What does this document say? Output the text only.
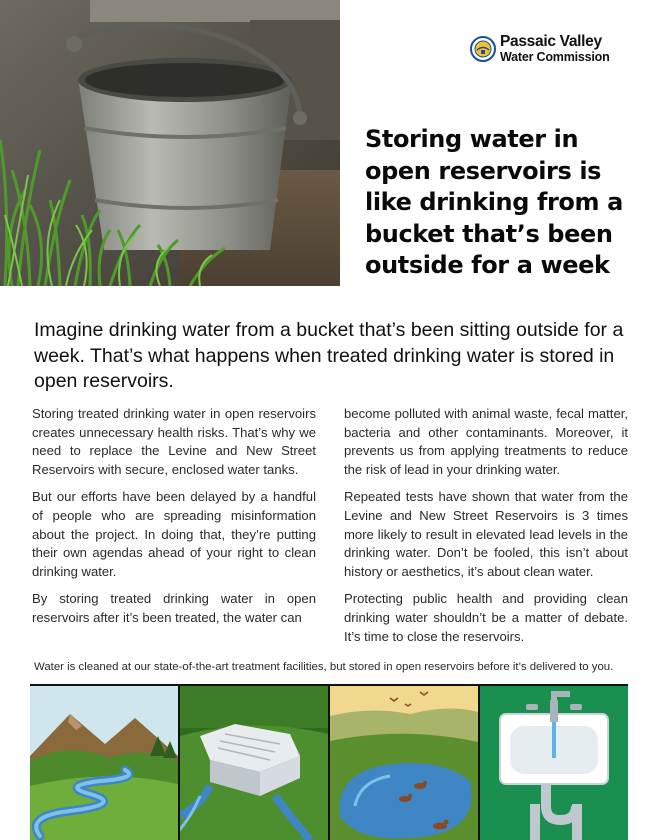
Passaic Valley
Water Commission
Storing water in open reservoirs is like drinking from a bucket that’s been outside for a week

Imagine drinking water from a bucket that’s been sitting outside for a week. That’s what happens when treated drinking water is stored in open reservoirs.

Storing treated drinking water in open reservoirs creates unnecessary health risks. That’s why we need to replace the Levine and New Street Reservoirs with secure, enclosed water tanks.

But our efforts have been delayed by a handful of people who are spreading misinformation about the project. In doing that, they’re putting their own agendas ahead of your right to clean drinking water.

By storing treated drinking water in open reservoirs after it’s been treated, the water can

become polluted with animal waste, fecal matter, bacteria and other contaminants. Moreover, it prevents us from applying treatments to reduce the risk of lead in your drinking water.

Repeated tests have shown that water from the Levine and New Street Reservoirs is 3 times more likely to result in elevated lead levels in the drinking water. Don’t be fooled, this isn’t about history or aesthetics, it’s about clean water.

Protecting public health and providing clean drinking water shouldn’t be a matter of debate. It’s time to close the reservoirs.

Water is cleaned at our state-of-the-art treatment facilities, but stored in open reservoirs before it’s delivered to you.
